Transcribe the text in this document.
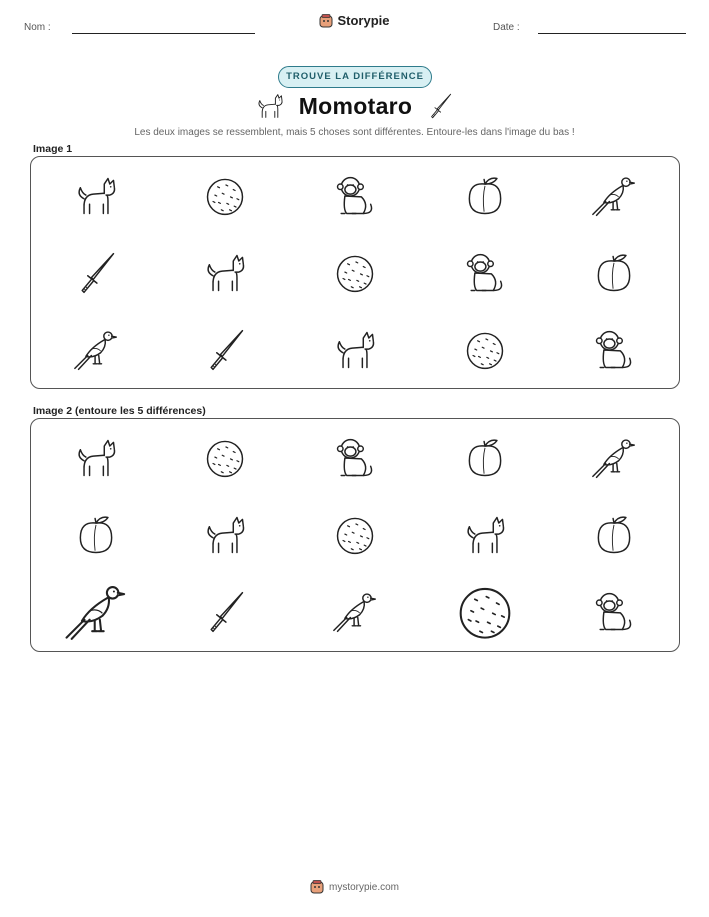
Nom :	Date :
Storypie
TROUVE LA DIFFÉRENCE
Momotaro
Les deux images se ressemblent, mais 5 choses sont différentes. Entoure-les dans l'image du bas !
Image 1
Image 2 (entoure les 5 différences)
mystorypie.com
